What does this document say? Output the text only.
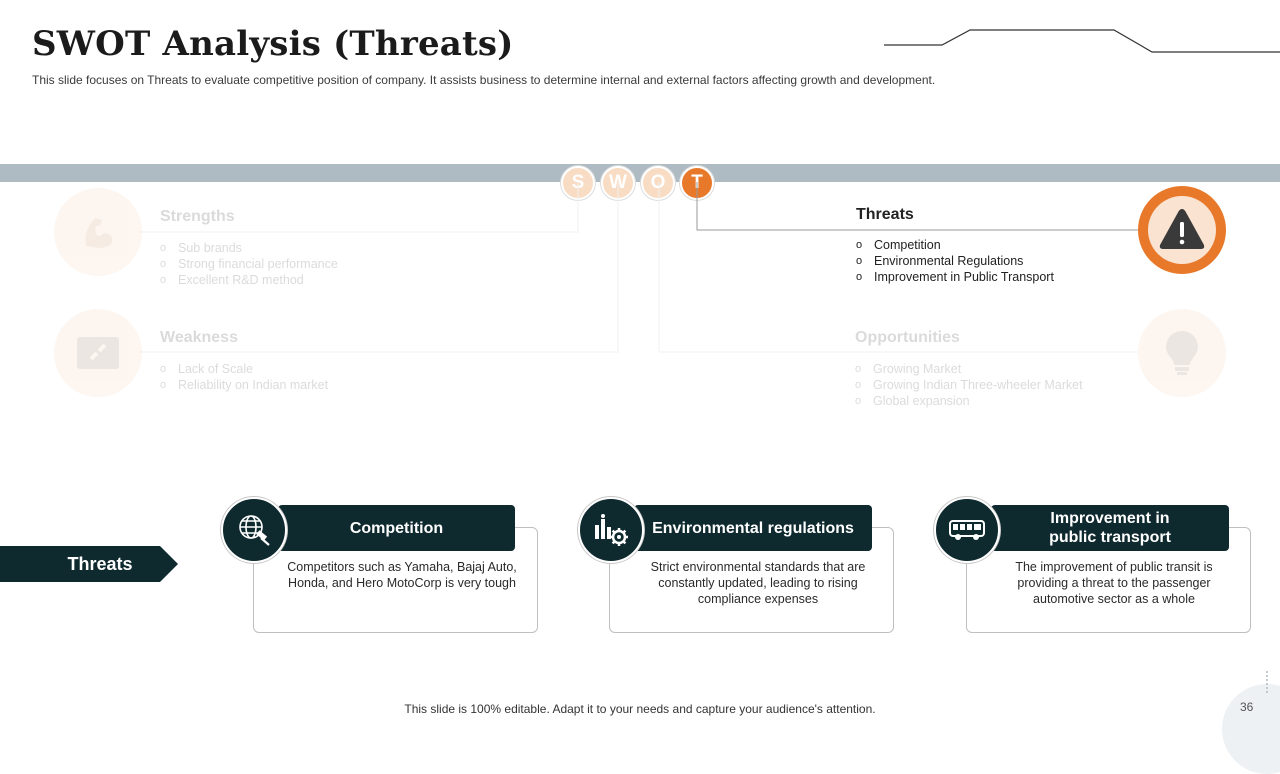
SWOT Analysis (Threats)
This slide focuses on Threats to evaluate competitive position of company. It assists business to determine internal and external factors affecting growth and development.
S	W	O	T
Strengths
o Sub brands
o Strong financial performance
o Excellent R&D method
Weakness
o Lack of Scale
o Reliability on Indian market
Opportunities
o Growing Market
o Growing Indian Three-wheeler Market
o Global expansion
Threats
o Competition
o Environmental Regulations
o Improvement in Public Transport
Threats
Competition
Competitors such as Yamaha, Bajaj Auto, Honda, and Hero MotoCorp is very tough
Environmental regulations
Strict environmental standards that are constantly updated, leading to rising compliance expenses
Improvement in public transport
The improvement of public transit is providing a threat to the passenger automotive sector as a whole
This slide is 100% editable. Adapt it to your needs and capture your audience's attention.	36
